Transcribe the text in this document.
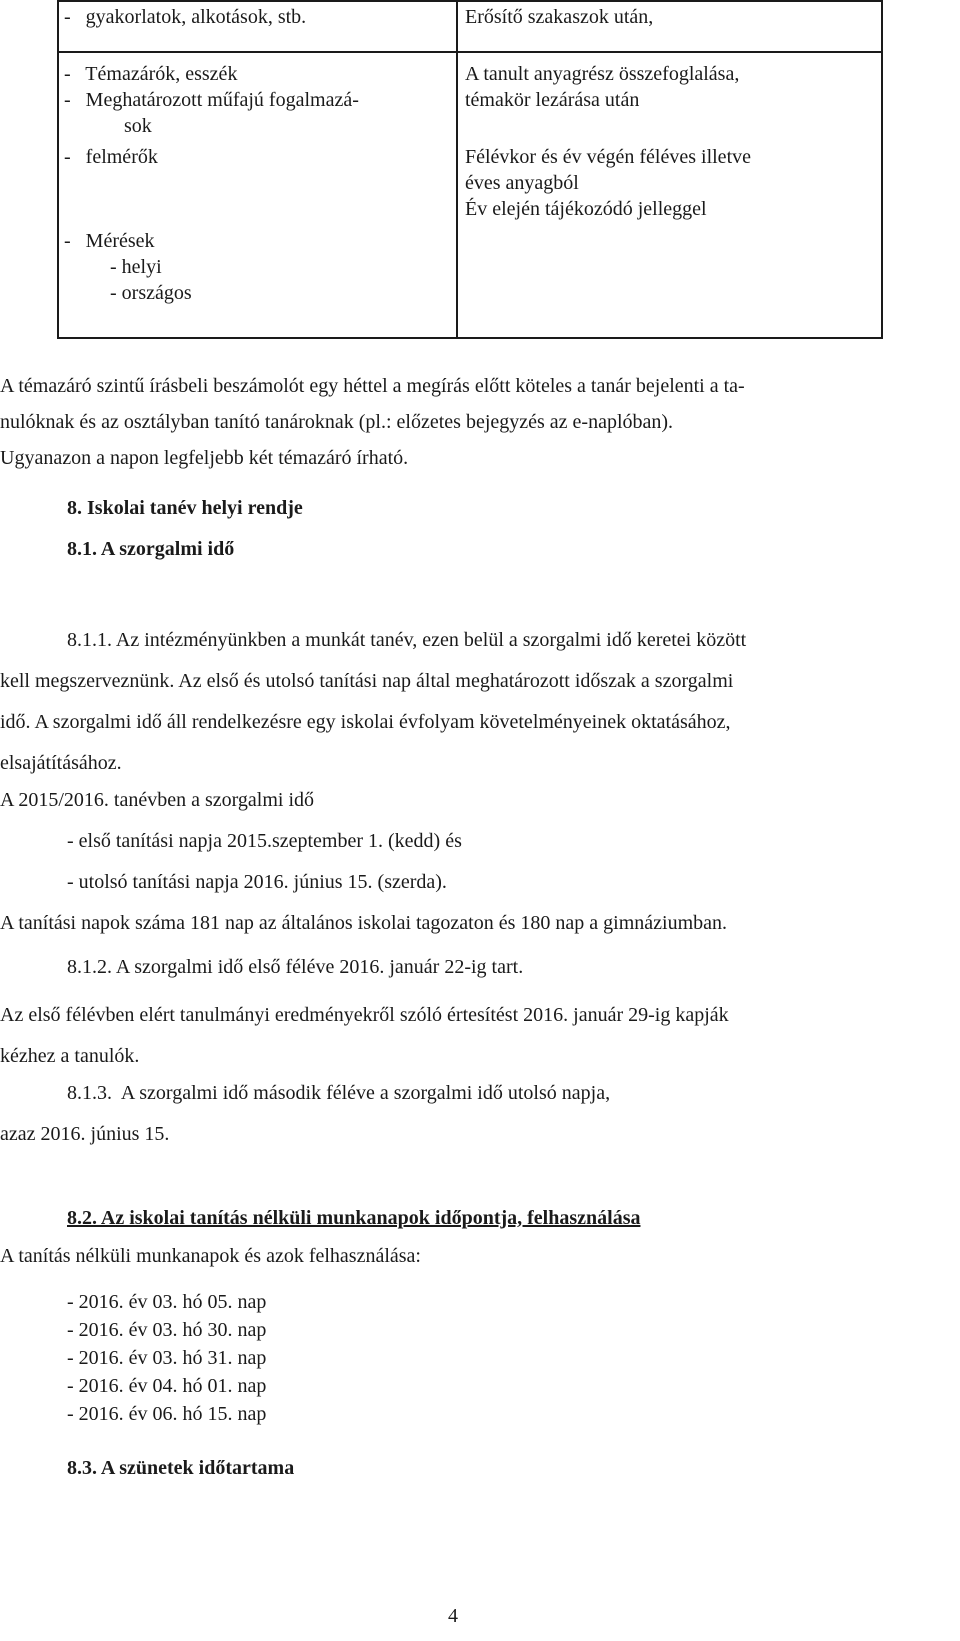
-   gyakorlatok, alkotások, stb.	Erősítő szakaszok után,
-   Témazárók, esszék
-   Meghatározott műfajú fogalmazá-
sok
A tanult anyagrész összefoglalása,
témakör lezárása után
-   felmérők	Félévkor és év végén féléves illetve
éves anyagból
Év elején tájékozódó jelleggel
-   Mérések
- helyi
- országos
A témazáró szintű írásbeli beszámolót egy héttel a megírás előtt köteles a tanár bejelenti a ta-
nulóknak és az osztályban tanító tanároknak (pl.: előzetes bejegyzés az e-naplóban).
Ugyanazon a napon legfeljebb két témazáró írható.
8. Iskolai tanév helyi rendje
8.1. A szorgalmi idő
8.1.1. Az intézményünkben a munkát tanév, ezen belül a szorgalmi idő keretei között
kell megszerveznünk. Az első és utolsó tanítási nap által meghatározott időszak a szorgalmi
idő. A szorgalmi idő áll rendelkezésre egy iskolai évfolyam követelményeinek oktatásához,
elsajátításához.
A 2015/2016. tanévben a szorgalmi idő
- első tanítási napja 2015.szeptember 1. (kedd) és
- utolsó tanítási napja 2016. június 15. (szerda).
A tanítási napok száma 181 nap az általános iskolai tagozaton és 180 nap a gimnáziumban.
8.1.2. A szorgalmi idő első féléve 2016. január 22-ig tart.
Az első félévben elért tanulmányi eredményekről szóló értesítést 2016. január 29-ig kapják
kézhez a tanulók.
8.1.3.  A szorgalmi idő második féléve a szorgalmi idő utolsó napja,
azaz 2016. június 15.
8.2. Az iskolai tanítás nélküli munkanapok időpontja, felhasználása
A tanítás nélküli munkanapok és azok felhasználása:
- 2016. év 03. hó 05. nap
- 2016. év 03. hó 30. nap
- 2016. év 03. hó 31. nap
- 2016. év 04. hó 01. nap
- 2016. év 06. hó 15. nap
8.3. A szünetek időtartama
4
